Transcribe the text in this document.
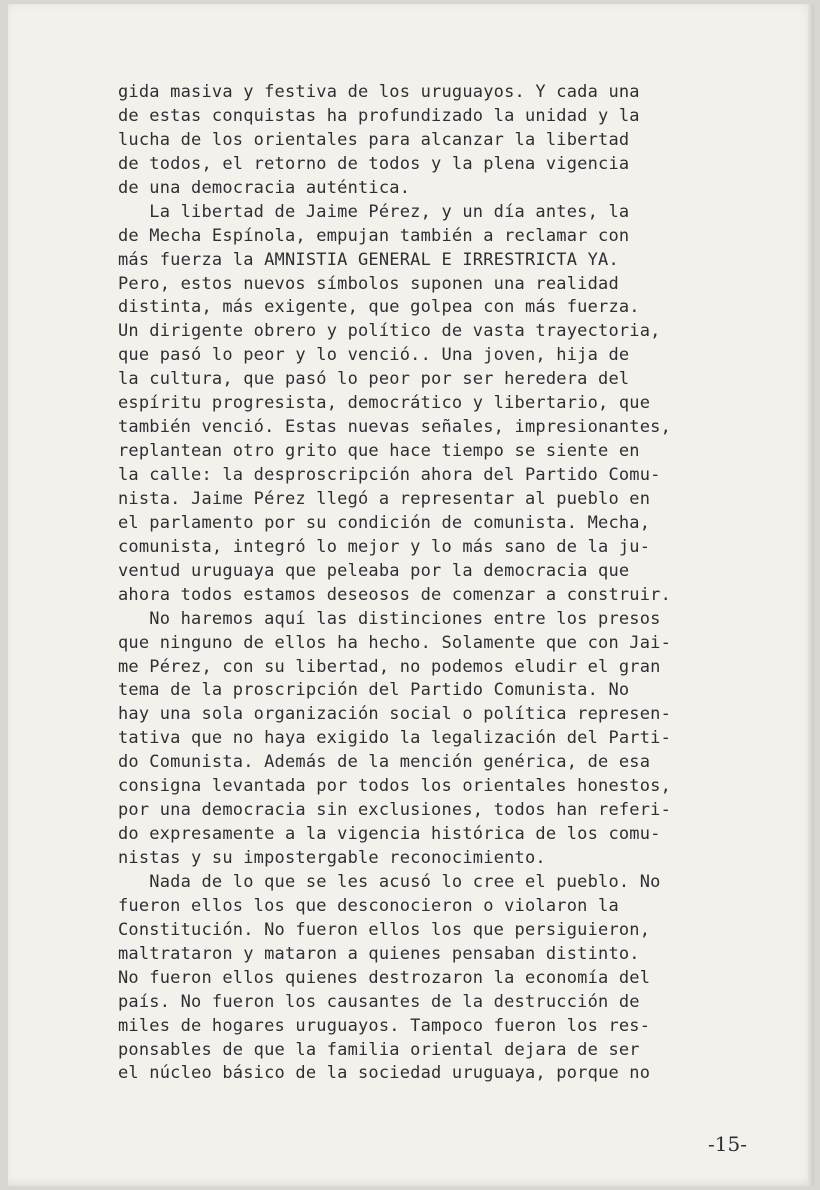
gida masiva y festiva de los uruguayos. Y cada una
de estas conquistas ha profundizado la unidad y la
lucha de los orientales para alcanzar la libertad
de todos, el retorno de todos y la plena vigencia
de una democracia auténtica.
La libertad de Jaime Pérez, y un día antes, la
de Mecha Espínola, empujan también a reclamar con
más fuerza la AMNISTIA GENERAL E IRRESTRICTA YA.
Pero, estos nuevos símbolos suponen una realidad
distinta, más exigente, que golpea con más fuerza.
Un dirigente obrero y político de vasta trayectoria,
que pasó lo peor y lo venció.. Una joven, hija de
la cultura, que pasó lo peor por ser heredera del
espíritu progresista, democrático y libertario, que
también venció. Estas nuevas señales, impresionantes,
replantean otro grito que hace tiempo se siente en
la calle: la desproscripción ahora del Partido Comu-
nista. Jaime Pérez llegó a representar al pueblo en
el parlamento por su condición de comunista. Mecha,
comunista, integró lo mejor y lo más sano de la ju-
ventud uruguaya que peleaba por la democracia que
ahora todos estamos deseosos de comenzar a construir.
No haremos aquí las distinciones entre los presos
que ninguno de ellos ha hecho. Solamente que con Jai-
me Pérez, con su libertad, no podemos eludir el gran
tema de la proscripción del Partido Comunista. No
hay una sola organización social o política represen-
tativa que no haya exigido la legalización del Parti-
do Comunista. Además de la mención genérica, de esa
consigna levantada por todos los orientales honestos,
por una democracia sin exclusiones, todos han referi-
do expresamente a la vigencia histórica de los comu-
nistas y su impostergable reconocimiento.
Nada de lo que se les acusó lo cree el pueblo. No
fueron ellos los que desconocieron o violaron la
Constitución. No fueron ellos los que persiguieron,
maltrataron y mataron a quienes pensaban distinto.
No fueron ellos quienes destrozaron la economía del
país. No fueron los causantes de la destrucción de
miles de hogares uruguayos. Tampoco fueron los res-
ponsables de que la familia oriental dejara de ser
el núcleo básico de la sociedad uruguaya, porque no
-15-
